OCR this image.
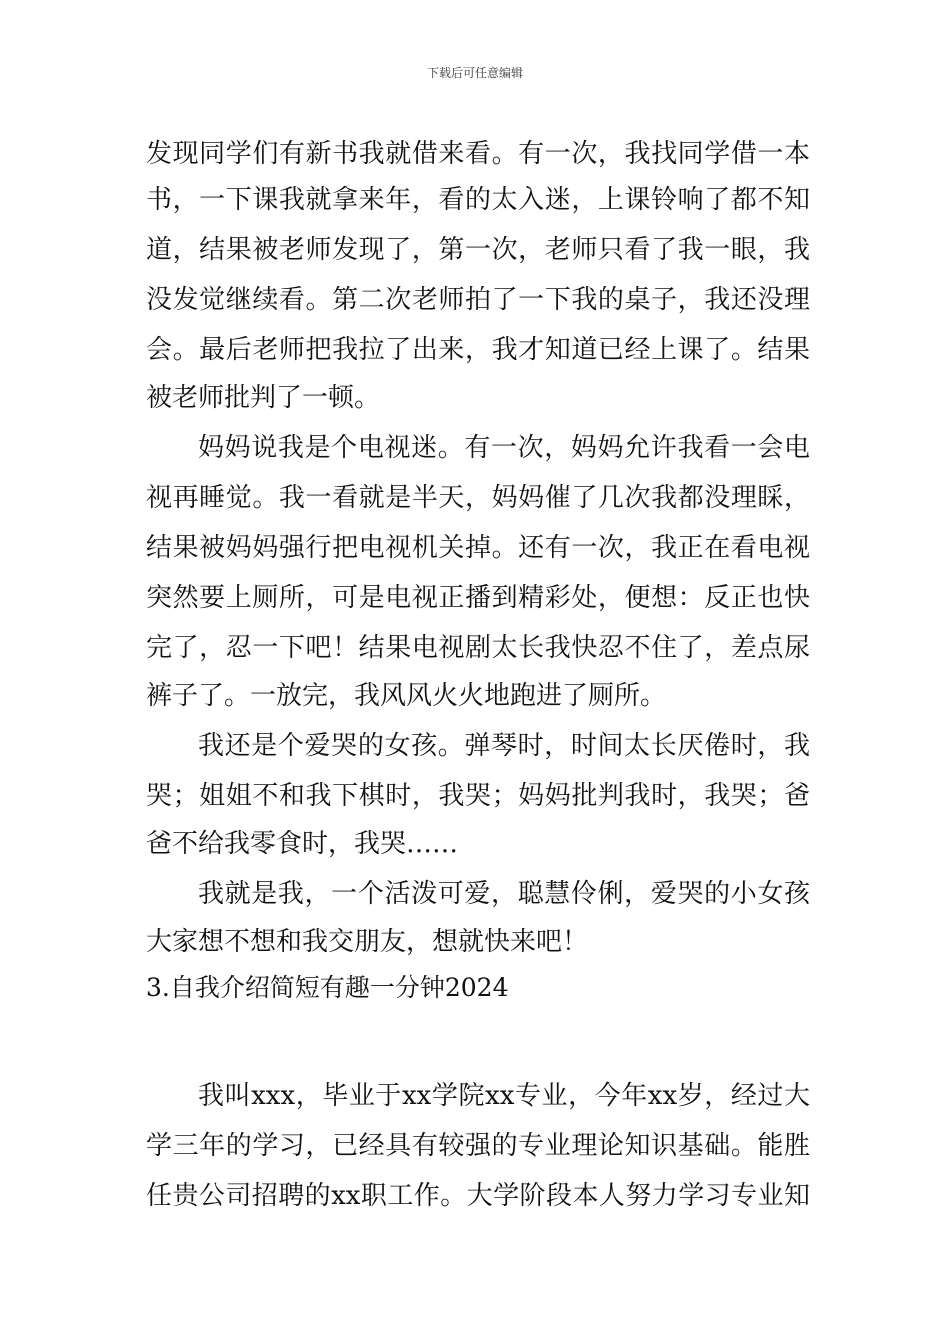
下载后可任意编辑
发现同学们有新书我就借来看。有一次，我找同学借一本
书，一下课我就拿来年，看的太入迷，上课铃响了都不知
道，结果被老师发现了，第一次，老师只看了我一眼，我
没发觉继续看。第二次老师拍了一下我的桌子，我还没理
会。最后老师把我拉了出来，我才知道已经上课了。结果
被老师批判了一顿。
妈妈说我是个电视迷。有一次，妈妈允许我看一会电
视再睡觉。我一看就是半天，妈妈催了几次我都没理睬，
结果被妈妈强行把电视机关掉。还有一次，我正在看电视
突然要上厕所，可是电视正播到精彩处，便想：反正也快
完了，忍一下吧！结果电视剧太长我快忍不住了，差点尿
裤子了。一放完，我风风火火地跑进了厕所。
我还是个爱哭的女孩。弹琴时，时间太长厌倦时，我
哭；姐姐不和我下棋时，我哭；妈妈批判我时，我哭；爸
爸不给我零食时，我哭……
我就是我，一个活泼可爱，聪慧伶俐，爱哭的小女孩
大家想不想和我交朋友，想就快来吧！
3.自我介绍简短有趣一分钟2024
我叫xxx，毕业于xx学院xx专业，今年xx岁，经过大
学三年的学习，已经具有较强的专业理论知识基础。能胜
任贵公司招聘的xx职工作。大学阶段本人努力学习专业知
